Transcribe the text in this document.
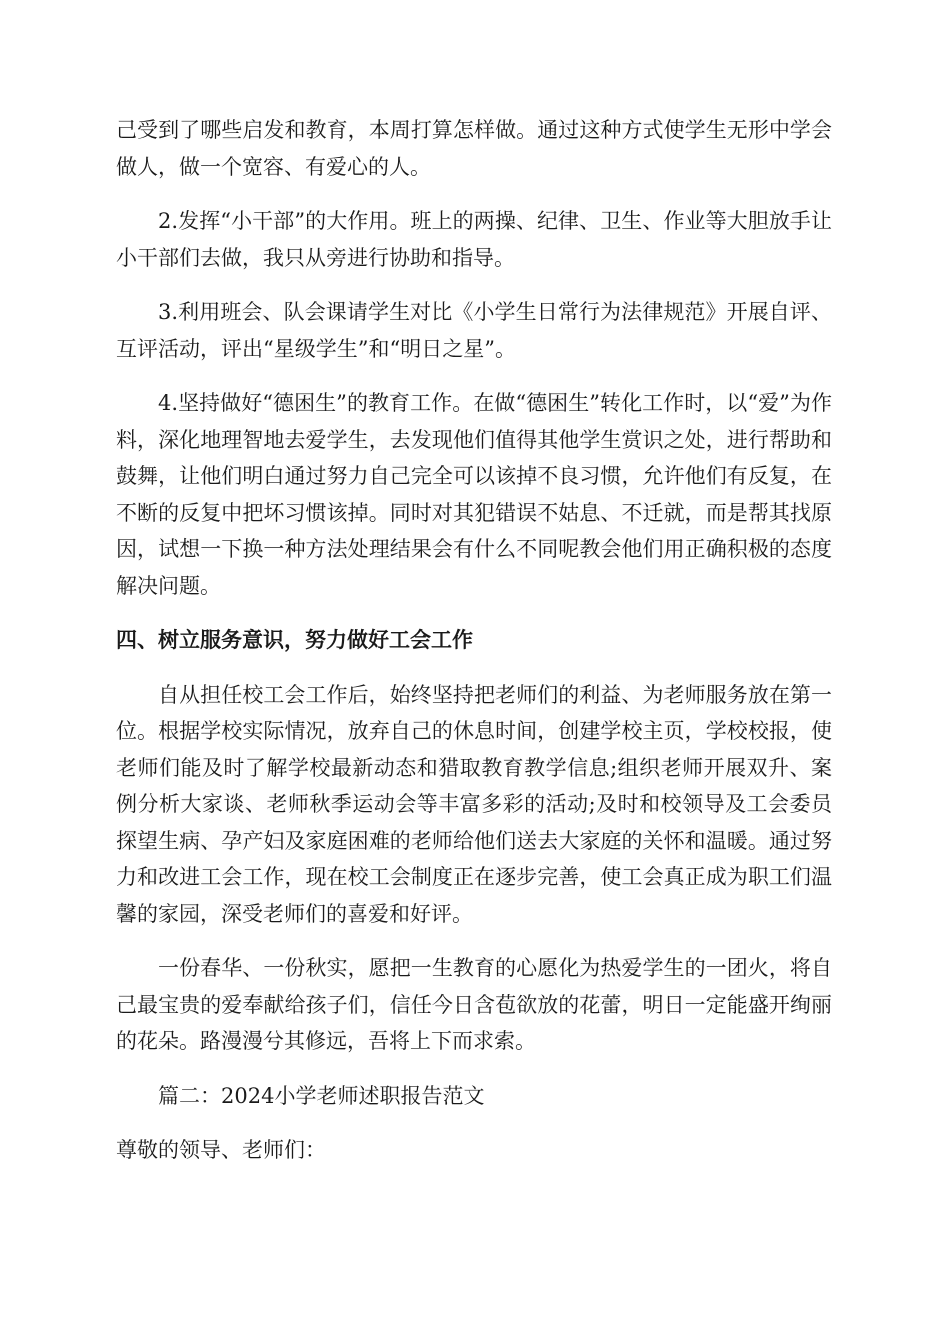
己受到了哪些启发和教育，本周打算怎样做。通过这种方式使学生无形中学会做人，做一个宽容、有爱心的人。

2.发挥“小干部”的大作用。班上的两操、纪律、卫生、作业等大胆放手让小干部们去做，我只从旁进行协助和指导。

3.利用班会、队会课请学生对比《小学生日常行为法律规范》开展自评、互评活动，评出“星级学生”和“明日之星”。

4.坚持做好“德困生”的教育工作。在做“德困生”转化工作时，以“爱”为作料，深化地理智地去爱学生，去发现他们值得其他学生赏识之处，进行帮助和鼓舞，让他们明白通过努力自己完全可以该掉不良习惯，允许他们有反复，在不断的反复中把坏习惯该掉。同时对其犯错误不姑息、不迁就，而是帮其找原因，试想一下换一种方法处理结果会有什么不同呢教会他们用正确积极的态度解决问题。

四、树立服务意识，努力做好工会工作

自从担任校工会工作后，始终坚持把老师们的利益、为老师服务放在第一位。根据学校实际情况，放弃自己的休息时间，创建学校主页，学校校报，使老师们能及时了解学校最新动态和猎取教育教学信息;组织老师开展双升、案例分析大家谈、老师秋季运动会等丰富多彩的活动;及时和校领导及工会委员探望生病、孕产妇及家庭困难的老师给他们送去大家庭的关怀和温暖。通过努力和改进工会工作，现在校工会制度正在逐步完善，使工会真正成为职工们温馨的家园，深受老师们的喜爱和好评。

一份春华、一份秋实，愿把一生教育的心愿化为热爱学生的一团火，将自己最宝贵的爱奉献给孩子们，信任今日含苞欲放的花蕾，明日一定能盛开绚丽的花朵。路漫漫兮其修远，吾将上下而求索。

篇二：2024小学老师述职报告范文

尊敬的领导、老师们：
